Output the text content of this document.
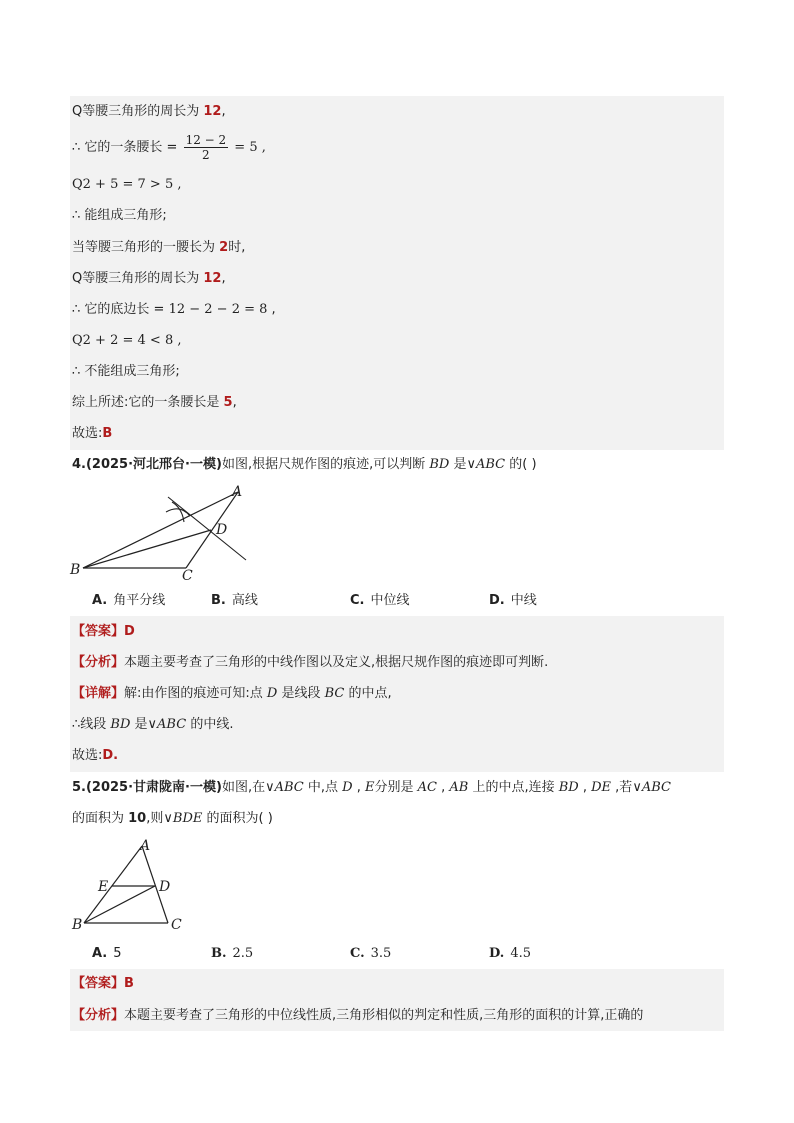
Q等腰三角形的周长为 12,
∴ 它的一条腰长 = $\frac{12 - 2}{2} = 5$ ,
Q2 + 5 = 7 > 5 ,
∴ 能组成三角形;
当等腰三角形的一腰长为 2时,
Q等腰三角形的周长为 12,
∴ 它的底边长 = 12 − 2 − 2 = 8 ,
Q2 + 2 = 4 < 8 ,
∴ 不能组成三角形;
综上所述:它的一条腰长是 5,
故选:B
4.(2025·河北邢台·一模)如图,根据尺规作图的痕迹,可以判断 BD 是∨ABC 的( )
A
B	C
D
A. 角平分线	B. 高线	C. 中位线	D. 中线
【答案】D
【分析】本题主要考查了三角形的中线作图以及定义,根据尺规作图的痕迹即可判断.
【详解】解:由作图的痕迹可知:点 D 是线段 BC 的中点,
∴线段 BD 是∨ABC 的中线.
故选:D.
5.(2025·甘肃陇南·一模)如图,在∨ABC 中,点 D , E分别是 AC , AB 上的中点,连接 BD , DE ,若∨ABC
的面积为 10,则∨BDE 的面积为( )
A
B	C
D
E
A. 5	B. 2.5	C. 3.5	D. 4.5
【答案】B
【分析】本题主要考查了三角形的中位线性质,三角形相似的判定和性质,三角形的面积的计算,正确的
